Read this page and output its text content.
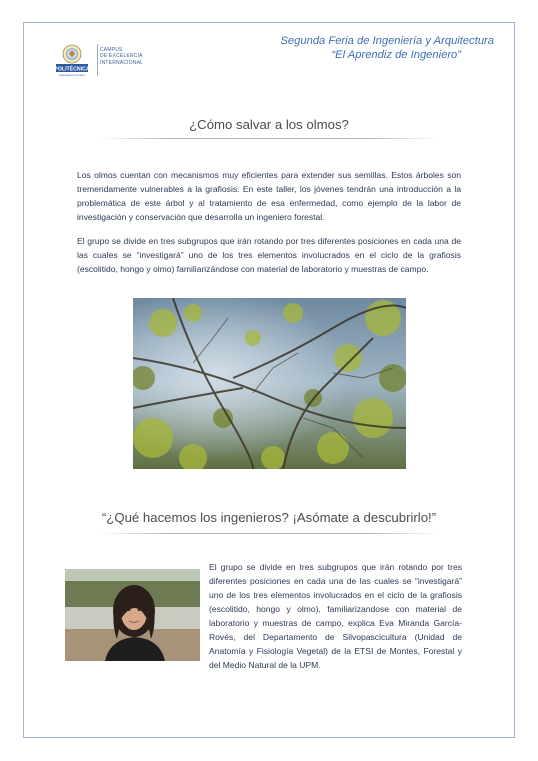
POLITÉCNICA
"Ingeniamos el futuro"
CAMPUS
DE EXCELENCIA
INTERNACIONAL
Segunda Feria de Ingeniería y Arquitectura
“El Aprendiz de Ingeniero”
¿Cómo salvar a los olmos?

Los olmos cuentan con mecanismos muy eficientes para extender sus semillas. Estos árboles son tremendamente vulnerables a la grafiosis. En este taller, los jóvenes tendrán una introducción a la problemática de este árbol y al tratamiento de esa enfermedad, como ejemplo de la labor de investigación y conservación que desarrolla un ingeniero forestal.

El grupo se divide en tres subgrupos que irán rotando por tres diferentes posiciones en cada una de las cuales se “investigará” uno de los tres elementos involucrados en el ciclo de la grafiosis (escolitido, hongo y olmo) familiarizándose con material de laboratorio y muestras de campo.

“¿Qué hacemos los ingenieros? ¡Asómate a descubrirlo!”

El grupo se divide en tres subgrupos que irán rotando por tres diferentes posiciones en cada una de las cuales se “investigará” uno de los tres elementos involucrados en el ciclo de la grafiosis (escolitido, hongo y olmo), familiarizandose con material de laboratorio y muestras de campo, explica Eva Miranda García-Rovés, del Departamento de Silvopascicultura (Unidad de Anatomía y Fisiología Vegetal) de la ETSI de Montes, Forestal y del Medio Natural de la UPM.
